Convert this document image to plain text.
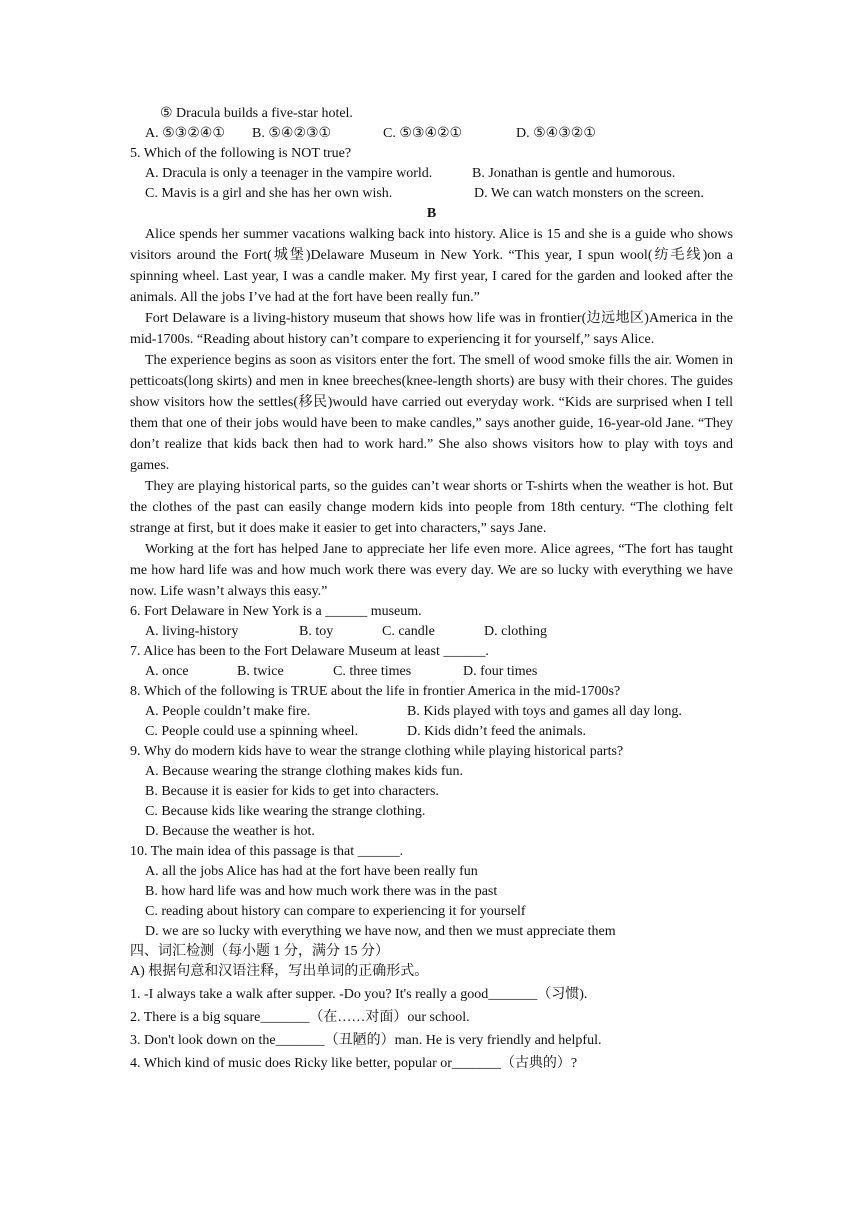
⑤ Dracula builds a five-star hotel.
A. ⑤③②④①	B. ⑤④②③①	C. ⑤③④②①	D. ⑤④③②①
5. Which of the following is NOT true?
A. Dracula is only a teenager in the vampire world.	B. Jonathan is gentle and humorous.
C. Mavis is a girl and she has her own wish.	D. We can watch monsters on the screen.
B

Alice spends her summer vacations walking back into history. Alice is 15 and she is a guide who shows visitors around the Fort(城堡)Delaware Museum in New York. “This year, I spun wool(纺毛线)on a spinning wheel. Last year, I was a candle maker. My first year, I cared for the garden and looked after the animals. All the jobs I’ve had at the fort have been really fun.”

Fort Delaware is a living-history museum that shows how life was in frontier(边远地区)America in the mid-1700s. “Reading about history can’t compare to experiencing it for yourself,” says Alice.

The experience begins as soon as visitors enter the fort. The smell of wood smoke fills the air. Women in petticoats(long skirts) and men in knee breeches(knee-length shorts) are busy with their chores. The guides show visitors how the settles(移民)would have carried out everyday work. “Kids are surprised when I tell them that one of their jobs would have been to make candles,” says another guide, 16-year-old Jane. “They don’t realize that kids back then had to work hard.” She also shows visitors how to play with toys and games.

They are playing historical parts, so the guides can’t wear shorts or T-shirts when the weather is hot. But the clothes of the past can easily change modern kids into people from 18th century. “The clothing felt strange at first, but it does make it easier to get into characters,” says Jane.

Working at the fort has helped Jane to appreciate her life even more. Alice agrees, “The fort has taught me how hard life was and how much work there was every day. We are so lucky with everything we have now. Life wasn’t always this easy.”

6. Fort Delaware in New York is a ______ museum.
A. living-history	B. toy	C. candle	D. clothing
7. Alice has been to the Fort Delaware Museum at least ______.
A. once	B. twice	C. three times	D. four times
8. Which of the following is TRUE about the life in frontier America in the mid-1700s?
A. People couldn’t make fire.	B. Kids played with toys and games all day long.
C. People could use a spinning wheel.	D. Kids didn’t feed the animals.
9. Why do modern kids have to wear the strange clothing while playing historical parts?
A. Because wearing the strange clothing makes kids fun.
B. Because it is easier for kids to get into characters.
C. Because kids like wearing the strange clothing.
D. Because the weather is hot.
10. The main idea of this passage is that ______.
A. all the jobs Alice has had at the fort have been really fun
B. how hard life was and how much work there was in the past
C. reading about history can compare to experiencing it for yourself
D. we are so lucky with everything we have now, and then we must appreciate them
四、词汇检测（每小题 1 分，满分 15 分）
A) 根据句意和汉语注释，写出单词的正确形式。
1. -I always take a walk after supper. -Do you? It's really a good_______（习惯).
2. There is a big square_______（在……对面）our school.
3. Don't look down on the_______（丑陋的）man. He is very friendly and helpful.
4. Which kind of music does Ricky like better, popular or_______（古典的）?
